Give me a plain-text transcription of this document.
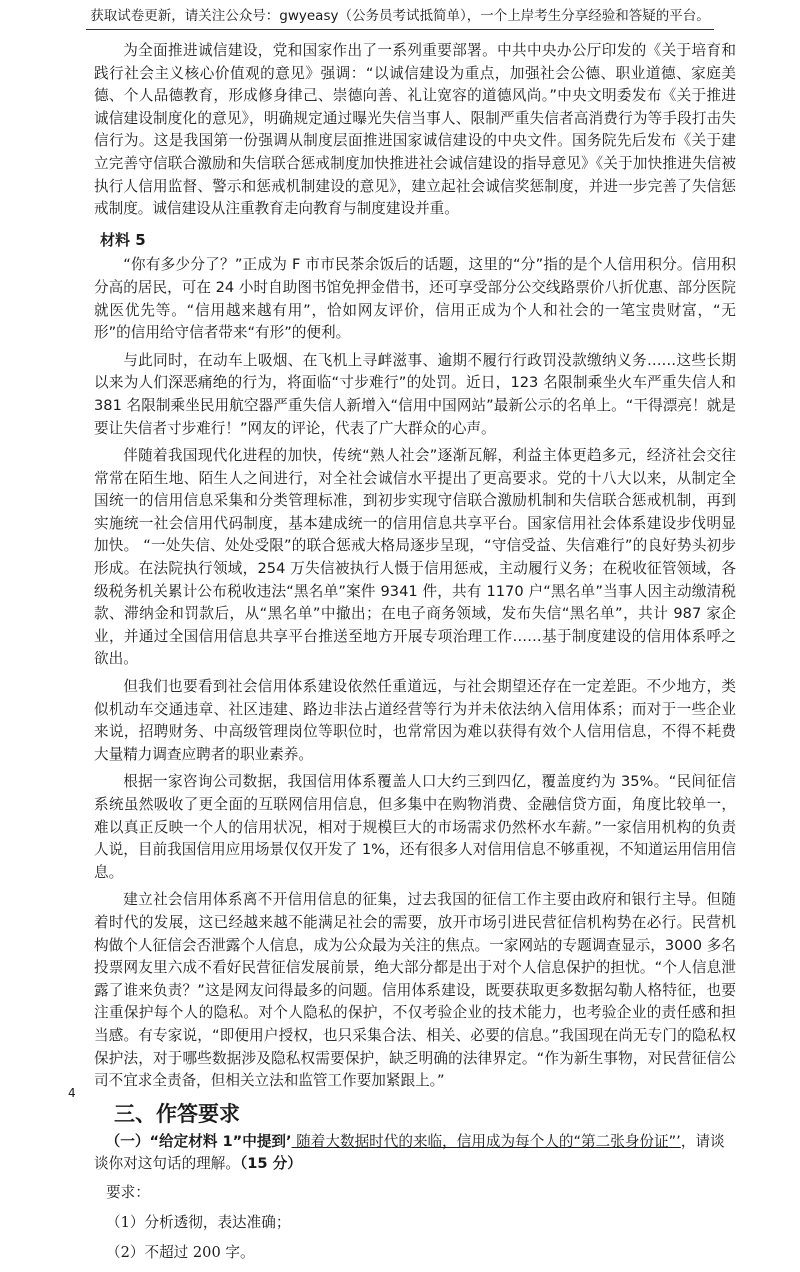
获取试卷更新，请关注公众号：gwyeasy（公务员考试抵简单），一个上岸考生分享经验和答疑的平台。

为全面推进诚信建设，党和国家作出了一系列重要部署。中共中央办公厅印发的《关于培育和践行社会主义核心价值观的意见》强调：“以诚信建设为重点，加强社会公德、职业道德、家庭美德、个人品德教育，形成修身律己、崇德向善、礼让宽容的道德风尚。”中央文明委发布《关于推进诚信建设制度化的意见》，明确规定通过曝光失信当事人、限制严重失信者高消费行为等手段打击失信行为。这是我国第一份强调从制度层面推进国家诚信建设的中央文件。国务院先后发布《关于建立完善守信联合激励和失信联合惩戒制度加快推进社会诚信建设的指导意见》《关于加快推进失信被执行人信用监督、警示和惩戒机制建设的意见》，建立起社会诚信奖惩制度，并进一步完善了失信惩戒制度。诚信建设从注重教育走向教育与制度建设并重。

材料 5

“你有多少分了？”正成为 F 市市民茶余饭后的话题，这里的“分”指的是个人信用积分。信用积分高的居民，可在 24 小时自助图书馆免押金借书，还可享受部分公交线路票价八折优惠、部分医院就医优先等。“信用越来越有用”，恰如网友评价，信用正成为个人和社会的一笔宝贵财富，“无形”的信用给守信者带来“有形”的便利。

与此同时，在动车上吸烟、在飞机上寻衅滋事、逾期不履行行政罚没款缴纳义务……这些长期以来为人们深恶痛绝的行为，将面临“寸步难行”的处罚。近日，123 名限制乘坐火车严重失信人和 381 名限制乘坐民用航空器严重失信人新增入“信用中国网站”最新公示的名单上。“干得漂亮！就是要让失信者寸步难行！”网友的评论，代表了广大群众的心声。

伴随着我国现代化进程的加快，传统“熟人社会”逐渐瓦解，利益主体更趋多元，经济社会交往常常在陌生地、陌生人之间进行，对全社会诚信水平提出了更高要求。党的十八大以来，从制定全国统一的信用信息采集和分类管理标准，到初步实现守信联合激励机制和失信联合惩戒机制，再到实施统一社会信用代码制度，基本建成统一的信用信息共享平台。国家信用社会体系建设步伐明显加快。 “一处失信、处处受限”的联合惩戒大格局逐步呈现，“守信受益、失信难行”的良好势头初步形成。在法院执行领域，254 万失信被执行人慑于信用惩戒，主动履行义务；在税收征管领域，各级税务机关累计公布税收违法“黑名单”案件 9341 件，共有 1170 户“黑名单”当事人因主动缴清税款、滞纳金和罚款后，从“黑名单”中撤出；在电子商务领域，发布失信“黑名单”，共计 987 家企业，并通过全国信用信息共享平台推送至地方开展专项治理工作……基于制度建设的信用体系呼之欲出。

但我们也要看到社会信用体系建设依然任重道远，与社会期望还存在一定差距。不少地方，类似机动车交通违章、社区违建、路边非法占道经营等行为并未依法纳入信用体系；而对于一些企业来说，招聘财务、中高级管理岗位等职位时，也常常因为难以获得有效个人信用信息，不得不耗费大量精力调查应聘者的职业素养。

根据一家咨询公司数据，我国信用体系覆盖人口大约三到四亿，覆盖度约为 35%。“民间征信系统虽然吸收了更全面的互联网信用信息，但多集中在购物消费、金融信贷方面，角度比较单一，难以真正反映一个人的信用状况，相对于规模巨大的市场需求仍然杯水车薪。”一家信用机构的负责人说，目前我国信用应用场景仅仅开发了 1%，还有很多人对信用信息不够重视，不知道运用信用信息。

建立社会信用体系离不开信用信息的征集，过去我国的征信工作主要由政府和银行主导。但随着时代的发展，这已经越来越不能满足社会的需要，放开市场引进民营征信机构势在必行。民营机构做个人征信会否泄露个人信息，成为公众最为关注的焦点。一家网站的专题调查显示，3000 多名投票网友里六成不看好民营征信发展前景，绝大部分都是出于对个人信息保护的担忧。“个人信息泄露了谁来负责？”这是网友问得最多的问题。信用体系建设，既要获取更多数据勾勒人格特征，也要注重保护每个人的隐私。对个人隐私的保护，不仅考验企业的技术能力，也考验企业的责任感和担当感。有专家说，“即便用户授权，也只采集合法、相关、必要的信息。”我国现在尚无专门的隐私权保护法，对于哪些数据涉及隐私权需要保护，缺乏明确的法律界定。“作为新生事物，对民营征信公司不宜求全责备，但相关立法和监管工作要加紧跟上。”

三、作答要求
（一）“给定材料 1”中提到’ 随着大数据时代的来临，信用成为每个人的“第二张身份证”’，请谈谈你对这句话的理解。（15 分）
要求：
（1）分析透彻，表达准确；
（2）不超过 200 字。
4
